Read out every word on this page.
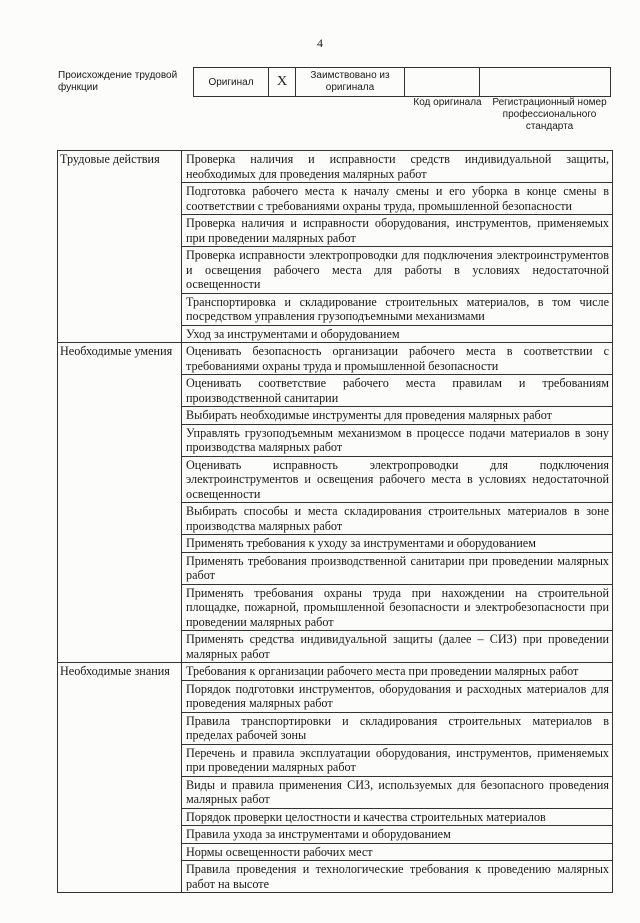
4
Происхождение трудовой функции	Оригинал	X	Заимствовано из оригинала		
Код оригинала	Регистрационный номер профессионального стандарта
Трудовые действия	Проверка наличия и исправности средств индивидуальной защиты, необходимых для проведения малярных работ
	Подготовка рабочего места к началу смены и его уборка в конце смены в соответствии с требованиями охраны труда, промышленной безопасности
	Проверка наличия и исправности оборудования, инструментов, применяемых при проведении малярных работ
	Проверка исправности электропроводки для подключения электроинструментов и освещения рабочего места для работы в условиях недостаточной освещенности
	Транспортировка и складирование строительных материалов, в том числе посредством управления грузоподъемными механизмами
	Уход за инструментами и оборудованием
Необходимые умения	Оценивать безопасность организации рабочего места в соответствии с требованиями охраны труда и промышленной безопасности
	Оценивать соответствие рабочего места правилам и требованиям производственной санитарии
	Выбирать необходимые инструменты для проведения малярных работ
	Управлять грузоподъемным механизмом в процессе подачи материалов в зону производства малярных работ
	Оценивать исправность электропроводки для подключения электроинструментов и освещения рабочего места в условиях недостаточной освещенности
	Выбирать способы и места складирования строительных материалов в зоне производства малярных работ
	Применять требования к уходу за инструментами и оборудованием
	Применять требования производственной санитарии при проведении малярных работ
	Применять требования охраны труда при нахождении на строительной площадке, пожарной, промышленной безопасности и электробезопасности при проведении малярных работ
	Применять средства индивидуальной защиты (далее – СИЗ) при проведении малярных работ
Необходимые знания	Требования к организации рабочего места при проведении малярных работ
	Порядок подготовки инструментов, оборудования и расходных материалов для проведения малярных работ
	Правила транспортировки и складирования строительных материалов в пределах рабочей зоны
	Перечень и правила эксплуатации оборудования, инструментов, применяемых при проведении малярных работ
	Виды и правила применения СИЗ, используемых для безопасного проведения малярных работ
	Порядок проверки целостности и качества строительных материалов
	Правила ухода за инструментами и оборудованием
	Нормы освещенности рабочих мест
	Правила проведения и технологические требования к проведению малярных работ на высоте
